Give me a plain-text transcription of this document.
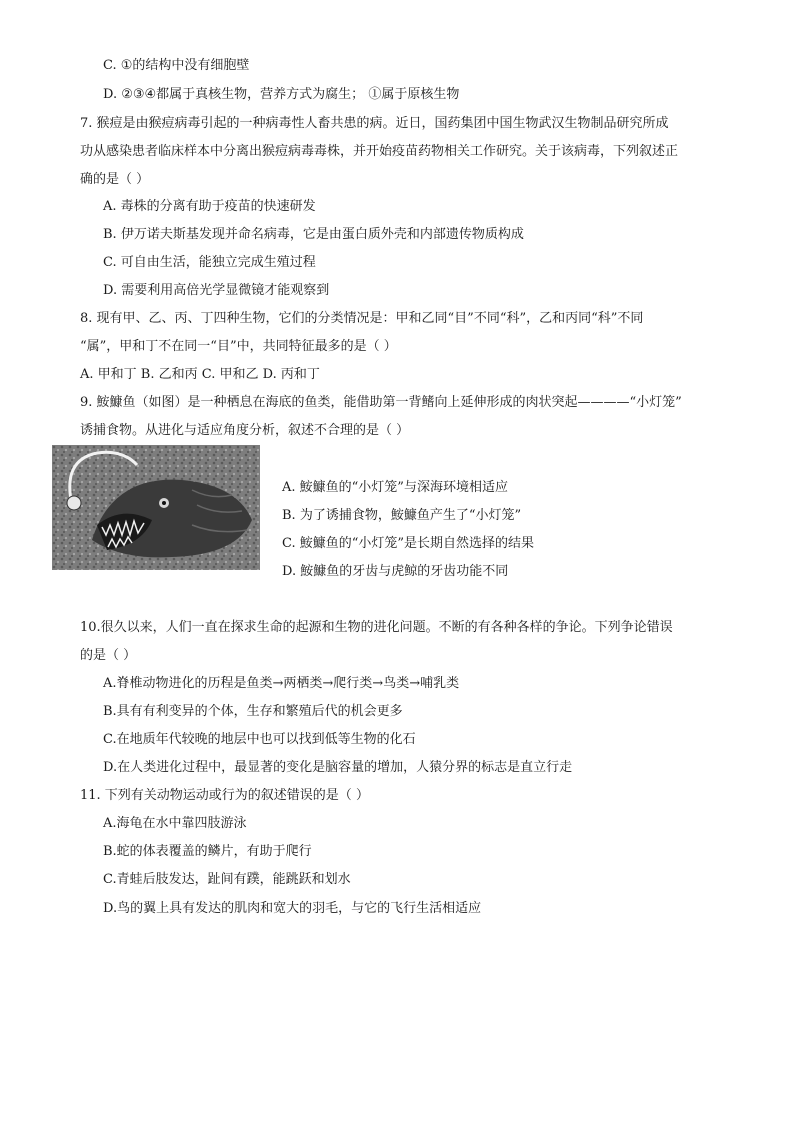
C. ①的结构中没有细胞壁
D. ②③④都属于真核生物，营养方式为腐生； ①属于原核生物
7. 猴痘是由猴痘病毒引起的一种病毒性人畜共患的病。近日，国药集团中国生物武汉生物制品研究所成
功从感染患者临床样本中分离出猴痘病毒毒株，并开始疫苗药物相关工作研究。关于该病毒，下列叙述正
确的是（ ）
A. 毒株的分离有助于疫苗的快速研发
B. 伊万诺夫斯基发现并命名病毒，它是由蛋白质外壳和内部遗传物质构成
C. 可自由生活，能独立完成生殖过程
D. 需要利用高倍光学显微镜才能观察到
8. 现有甲、乙、丙、丁四种生物，它们的分类情况是：甲和乙同“目”不同“科”，乙和丙同“科”不同
“属”，甲和丁不在同一“目”中，共同特征最多的是（ ）
A. 甲和丁 B. 乙和丙 C. 甲和乙 D. 丙和丁
9. 鮟鱇鱼（如图）是一种栖息在海底的鱼类，能借助第一背鳍向上延伸形成的肉状突起————“小灯笼”
诱捕食物。从进化与适应角度分析，叙述不合理的是（ ）
A. 鮟鱇鱼的“小灯笼”与深海环境相适应
B. 为了诱捕食物，鮟鱇鱼产生了“小灯笼”
C. 鮟鱇鱼的“小灯笼”是长期自然选择的结果
D. 鮟鱇鱼的牙齿与虎鲸的牙齿功能不同
10.很久以来，人们一直在探求生命的起源和生物的进化问题。不断的有各种各样的争论。下列争论错误
的是（ ）
A.脊椎动物进化的历程是鱼类→两栖类→爬行类→鸟类→哺乳类
B.具有有利变异的个体，生存和繁殖后代的机会更多
C.在地质年代较晚的地层中也可以找到低等生物的化石
D.在人类进化过程中，最显著的变化是脑容量的增加，人猿分界的标志是直立行走
11. 下列有关动物运动或行为的叙述错误的是（ ）
A.海龟在水中靠四肢游泳
B.蛇的体表覆盖的鳞片，有助于爬行
C.青蛙后肢发达，趾间有蹼，能跳跃和划水
D.鸟的翼上具有发达的肌肉和宽大的羽毛，与它的飞行生活相适应
